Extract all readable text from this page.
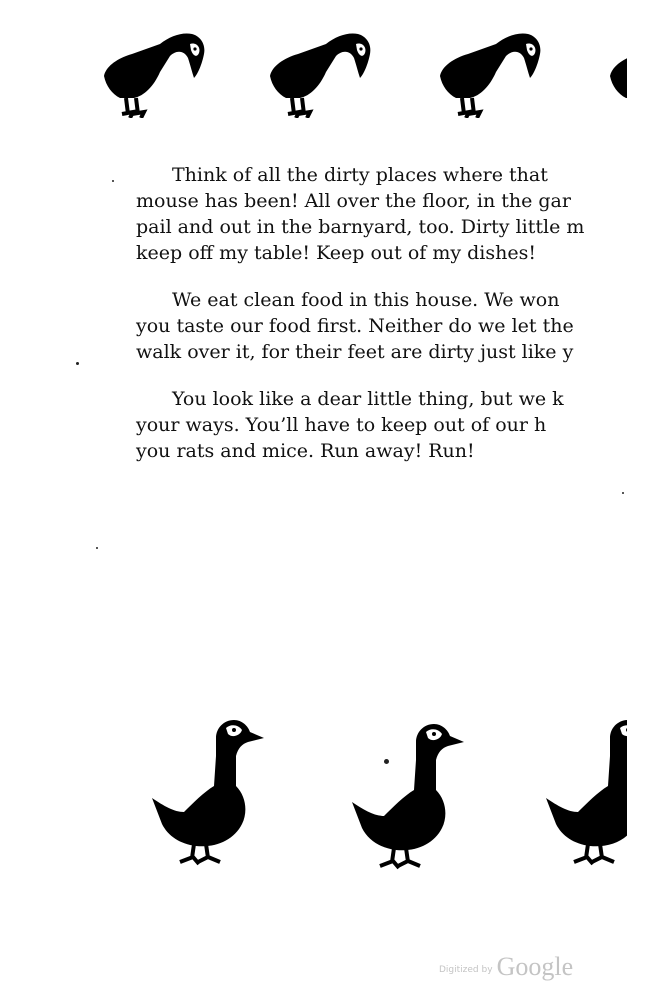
Think of all the dirty places where that
mouse has been! All over the floor, in the gar
pail and out in the barnyard, too. Dirty little m
keep off my table! Keep out of my dishes!

We eat clean food in this house. We won
you taste our food first. Neither do we let the
walk over it, for their feet are dirty just like y

You look like a dear little thing, but we k
your ways. You’ll have to keep out of our h
you rats and mice. Run away! Run!

Digitized by Google
